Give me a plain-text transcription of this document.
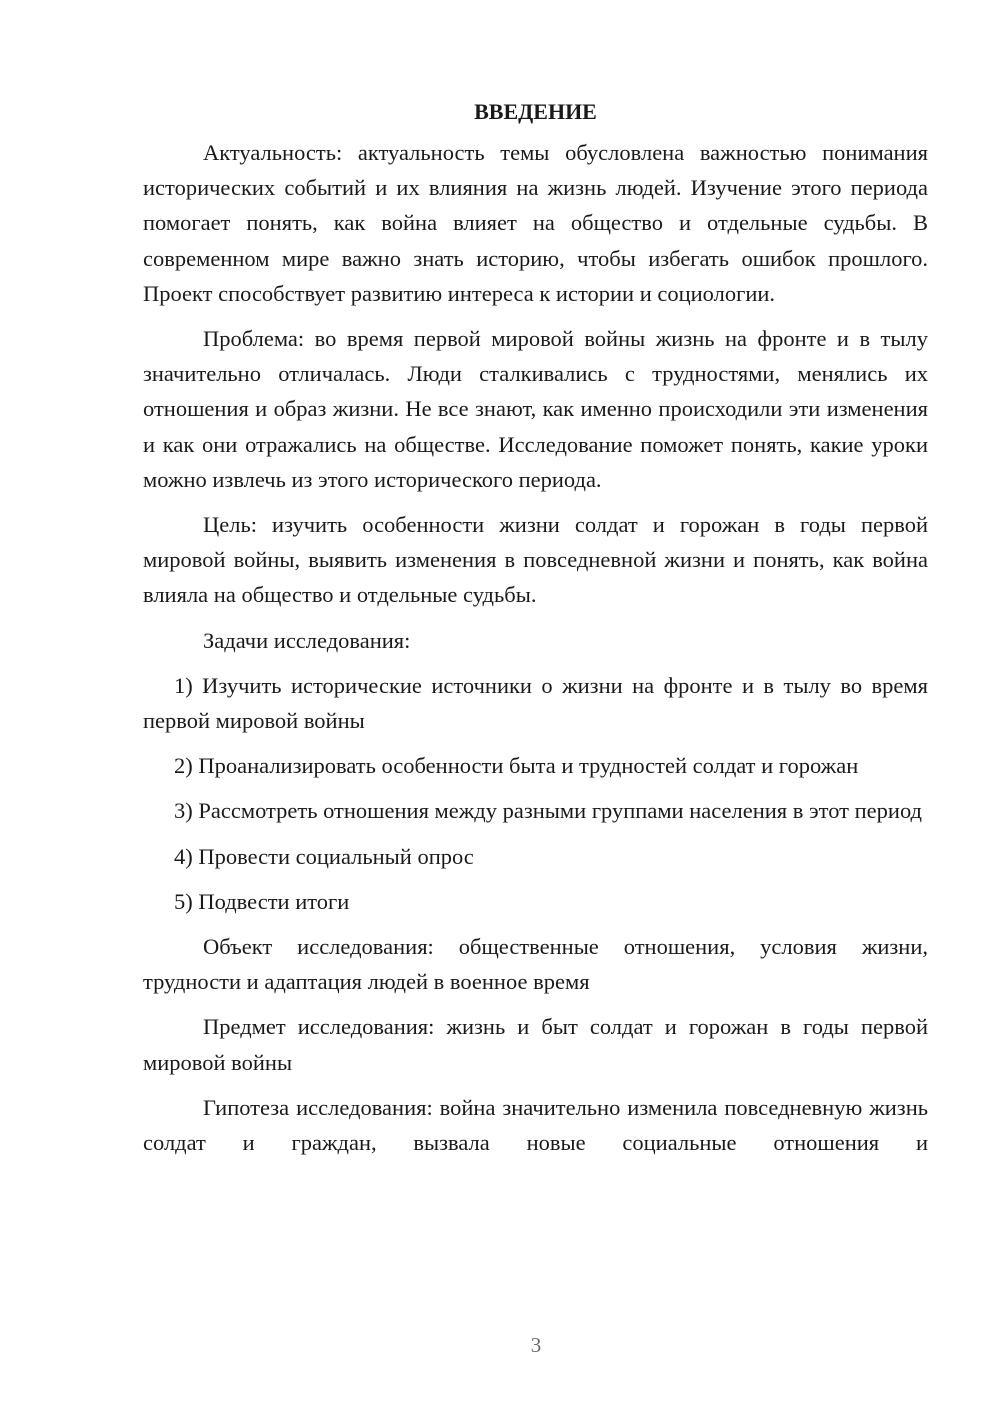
ВВЕДЕНИЕ

Актуальность: актуальность темы обусловлена важностью понимания исторических событий и их влияния на жизнь людей. Изучение этого периода помогает понять, как война влияет на общество и отдельные судьбы. В современном мире важно знать историю, чтобы избегать ошибок прошлого. Проект способствует развитию интереса к истории и социологии.

Проблема: во время первой мировой войны жизнь на фронте и в тылу значительно отличалась. Люди сталкивались с трудностями, менялись их отношения и образ жизни. Не все знают, как именно происходили эти изменения и как они отражались на обществе. Исследование поможет понять, какие уроки можно извлечь из этого исторического периода.

Цель: изучить особенности жизни солдат и горожан в годы первой мировой войны, выявить изменения в повседневной жизни и понять, как война влияла на общество и отдельные судьбы.

Задачи исследования:

1) Изучить исторические источники о жизни на фронте и в тылу во время первой мировой войны

2) Проанализировать особенности быта и трудностей солдат и горожан

3) Рассмотреть отношения между разными группами населения в этот период

4) Провести социальный опрос

5) Подвести итоги

Объект исследования: общественные отношения, условия жизни, трудности и адаптация людей в военное время

Предмет исследования: жизнь и быт солдат и горожан в годы первой мировой войны

Гипотеза исследования: война значительно изменила повседневную жизнь солдат и граждан, вызвала новые социальные отношения и

3
